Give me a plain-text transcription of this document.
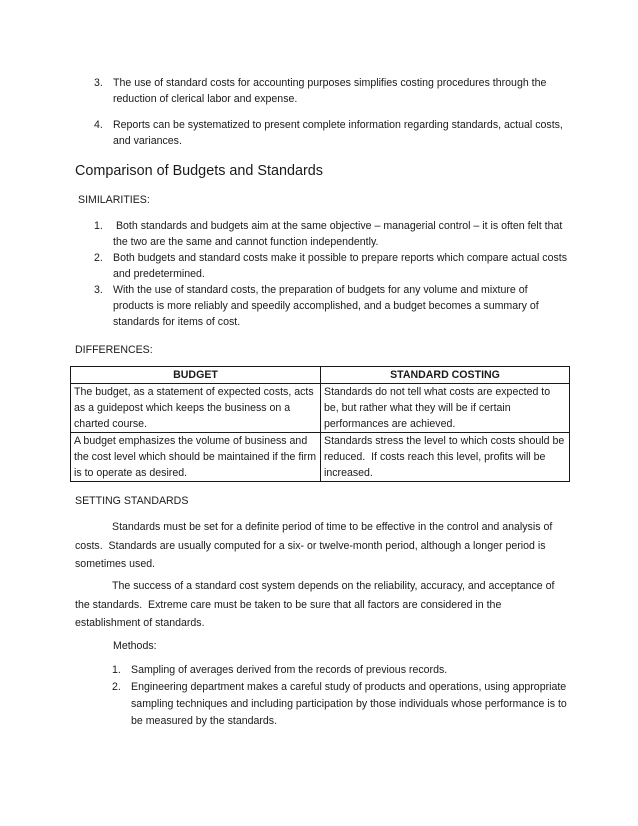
3. The use of standard costs for accounting purposes simplifies costing procedures through the reduction of clerical labor and expense.
4. Reports can be systematized to present complete information regarding standards, actual costs, and variances.
Comparison of Budgets and Standards

SIMILARITIES:

1. Both standards and budgets aim at the same objective – managerial control – it is often felt that the two are the same and cannot function independently.
2. Both budgets and standard costs make it possible to prepare reports which compare actual costs and predetermined.
3. With the use of standard costs, the preparation of budgets for any volume and mixture of products is more reliably and speedily accomplished, and a budget becomes a summary of standards for items of cost.

DIFFERENCES:

BUDGET	STANDARD COSTING
The budget, as a statement of expected costs, acts as a guidepost which keeps the business on a charted course.	Standards do not tell what costs are expected to be, but rather what they will be if certain performances are achieved.
A budget emphasizes the volume of business and the cost level which should be maintained if the firm is to operate as desired.	Standards stress the level to which costs should be reduced.  If costs reach this level, profits will be increased.

SETTING STANDARDS

Standards must be set for a definite period of time to be effective in the control and analysis of costs.  Standards are usually computed for a six- or twelve-month period, although a longer period is sometimes used.

The success of a standard cost system depends on the reliability, accuracy, and acceptance of the standards.  Extreme care must be taken to be sure that all factors are considered in the establishment of standards.

Methods:

1. Sampling of averages derived from the records of previous records.
2. Engineering department makes a careful study of products and operations, using appropriate sampling techniques and including participation by those individuals whose performance is to be measured by the standards.
